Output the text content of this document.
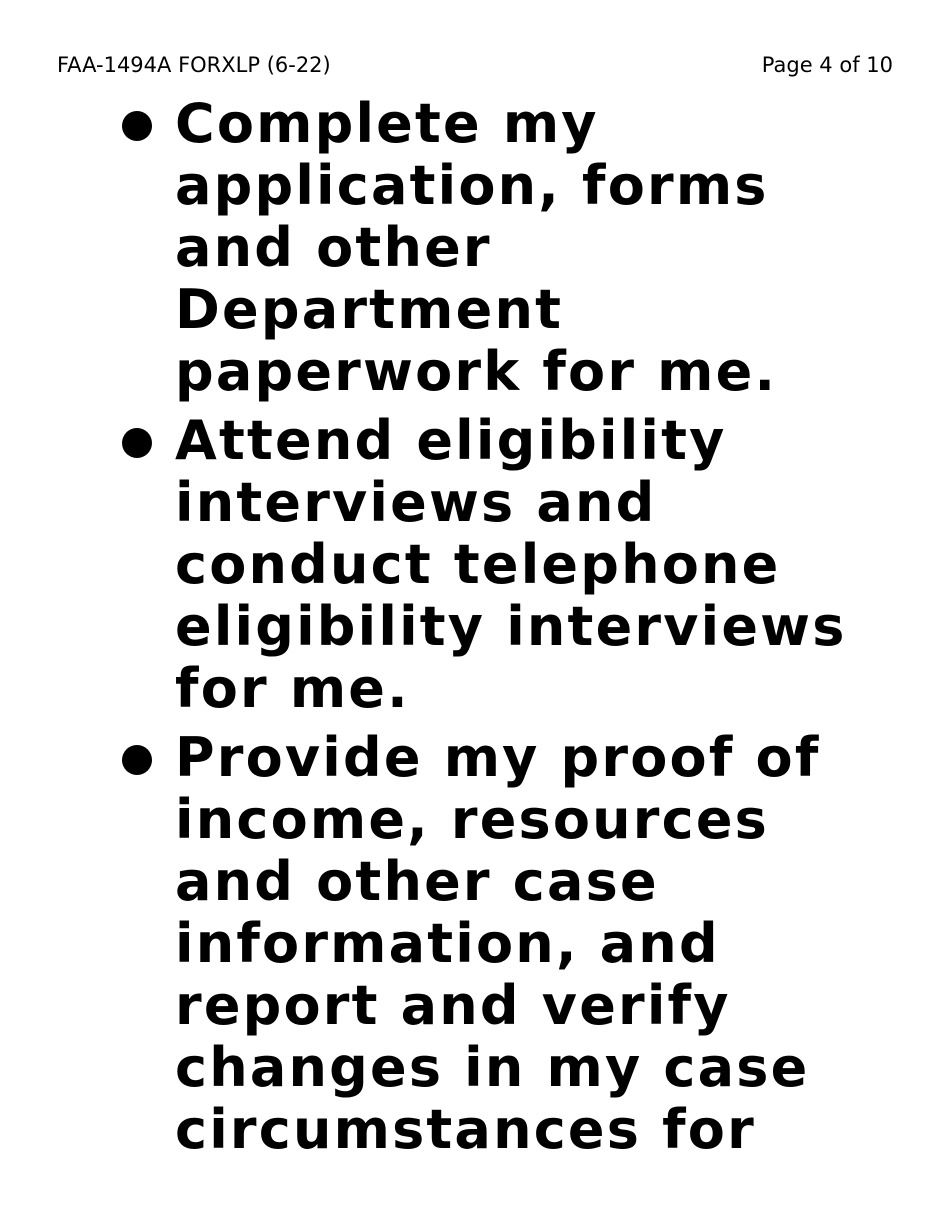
FAA-1494A FORXLP (6-22)	Page 4 of 10
Complete my application, forms and other Department paperwork for me.
Attend eligibility interviews and conduct telephone eligibility interviews for me.
Provide my proof of income, resources and other case information, and report and verify changes in my case circumstances for
